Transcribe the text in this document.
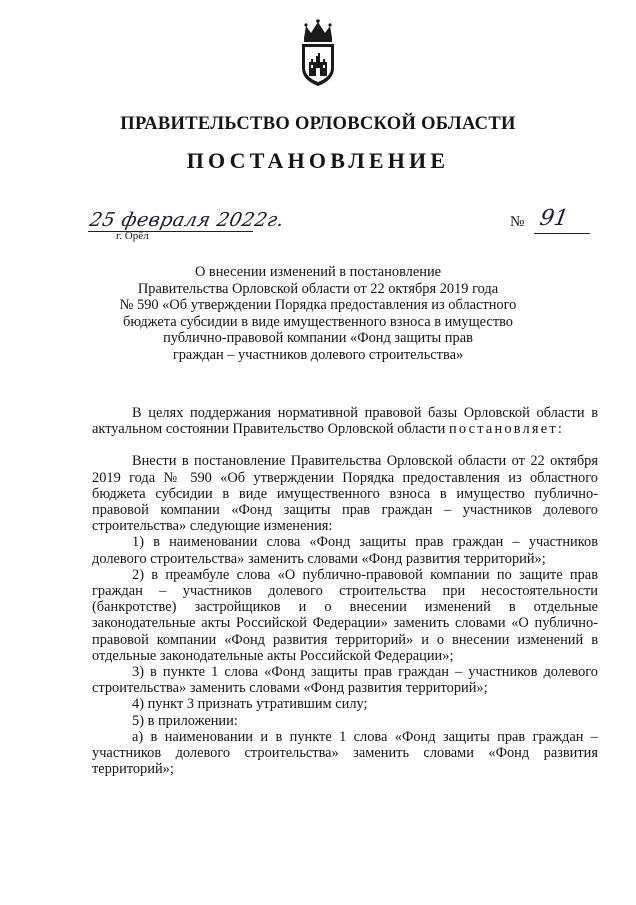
ПРАВИТЕЛЬСТВО ОРЛОВСКОЙ ОБЛАСТИ
ПОСТАНОВЛЕНИЕ
25 февраля 2022г.
г. Орёл
№ 91
О внесении изменений в постановление
Правительства Орловской области от 22 октября 2019 года
№ 590 «Об утверждении Порядка предоставления из областного
бюджета субсидии в виде имущественного взноса в имущество
публично-правовой компании «Фонд защиты прав
граждан – участников долевого строительства»

В целях поддержания нормативной правовой базы Орловской области в актуальном состоянии Правительство Орловской области постановляет:

Внести в постановление Правительства Орловской области от 22 октября 2019 года № 590 «Об утверждении Порядка предоставления из областного бюджета субсидии в виде имущественного взноса в имущество публично-правовой компании «Фонд защиты прав граждан – участников долевого строительства» следующие изменения:

1) в наименовании слова «Фонд защиты прав граждан – участников долевого строительства» заменить словами «Фонд развития территорий»;

2) в преамбуле слова «О публично-правовой компании по защите прав граждан – участников долевого строительства при несостоятельности (банкротстве) застройщиков и о внесении изменений в отдельные законодательные акты Российской Федерации» заменить словами «О публично-правовой компании «Фонд развития территорий» и о внесении изменений в отдельные законодательные акты Российской Федерации»;

3) в пункте 1 слова «Фонд защиты прав граждан – участников долевого строительства» заменить словами «Фонд развития территорий»;

4) пункт 3 признать утратившим силу;

5) в приложении:

а) в наименовании и в пункте 1 слова «Фонд защиты прав граждан – участников долевого строительства» заменить словами «Фонд развития территорий»;
